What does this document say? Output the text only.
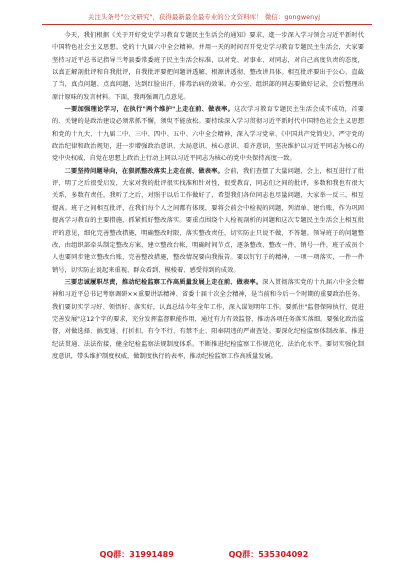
关注头条号"公文研究"，获得最新最全最专业的公文资料库！ 微信：gongwenyj

今天，我们根据《关于开好党史学习教育专题民主生活会的通知》要求，進一步深入学习领会习近平新时代中国特色社会主义思想。党的十九届六中全会精神。并用一天的时间召开党史学习教育专题民主生活会，大家要坚持习近平总书记指导兰考县委常委班子民主生活会标准，以对党、对事业、对同志，对自己高度负责的态度，以真正解剖批评和自我批评，自我批评要把问题讲透解、根源讲透彻、整改讲具体。相互批评要出于公心、直截了当，真点问题、点真问题，达到红脸出汗、排毒治病的效果。办公室、组织部的同志要做好记录，会后整理出原汁原味的发言材料。下面，我再强调几点意见。

一要加强理论学习，在执行"两个维护"上走在前、做表率。这次学习教育专题民主生活会成不成功，首要的、关键的是政治建设必须常抓不懈，须臾不能放松。要持续深入学习贯彻习近平新时代中国特色社会主义思想和党的十九大、十九届二中、三中、四中、五中、六中全会精神，深入学习党章、《中国共产党简史》，严守党的政治纪律和政治规矩，进一步增强政治意识、大局意识、核心意识、看齐意识，坚决维护以习近平同志为核心的党中央权威，自觉在思想上政治上行动上同以习近平同志为核心的党中央保持高度一致。

二要坚持问题导向，在狠抓整改落实上走在前、做表率。会前，我们查摆了大量问题，会上，相互进行了批评，明了之后很受启发，大家对我的批评很实找准和针对性，很受教育，同志们之间的批评，多数和我也有很大关系，多数有责任。我听了之后，对照于以后工作做好了，希望我们各位同志也尽量问题，大家举一反三，相互提高。班子之间相互批评，在我们每个人之间都有体现，要将会前会中检视的问题，列清单、建台账，作为巩固提高学习教育的主要措施，抓紧抓好整改落实。要重点围绕个人检视剖析的问题和这次专题民主生活会上相互批评的意见，细化完善整改措施，明确整改时限，落实整改责任，切实防止只说不做、不答题。领导班子的问题整改，由组织部牵头制定整改方案，建立整改台帐，明确时间节点，逐条整改、整改一件，销号一件，班子成员个人也要同步建立整改台账，完善整改措施，整改情况要向我报告。要以钉钉子的精神，一项一项落实，一件一件销号，切实防止说起来重视、群众看到、模棱着、感受得到的成效。

三要忠诚履职尽责，推动纪检监察工作高质量发展上走在前、做表率。深入贯彻落实党的十九届六中全会精神和习近平总书记考察调研××重要讲话精神、省委十届十次全会精神，是当前和今后一个时期的重要政治任务。我们要切实学习好、领悟好、落实好，认真总结今年全年工作，深入谋划明年工作。要抓住"监督保障执行，促进完善发展"这12个字的要求，充分发挥监督职能作用，通过有力有效监督，推动各项任务落实落细。要强化政治监督，对做选择、搞变通、打折扣，有令不行、有禁不止、阳奉阴违的严肃查处。要深化纪检监察体制改革，推进纪法贯通、法法衔接，健全纪检监察法规制度体系。不断推进纪检监察工作规范化、法治化水平。要切实强化制度意识，带头维护制度权威，做制度执行的表率，推动纪检监察工作高质量发展。

QQ群：31991489	QQ群：535304092
